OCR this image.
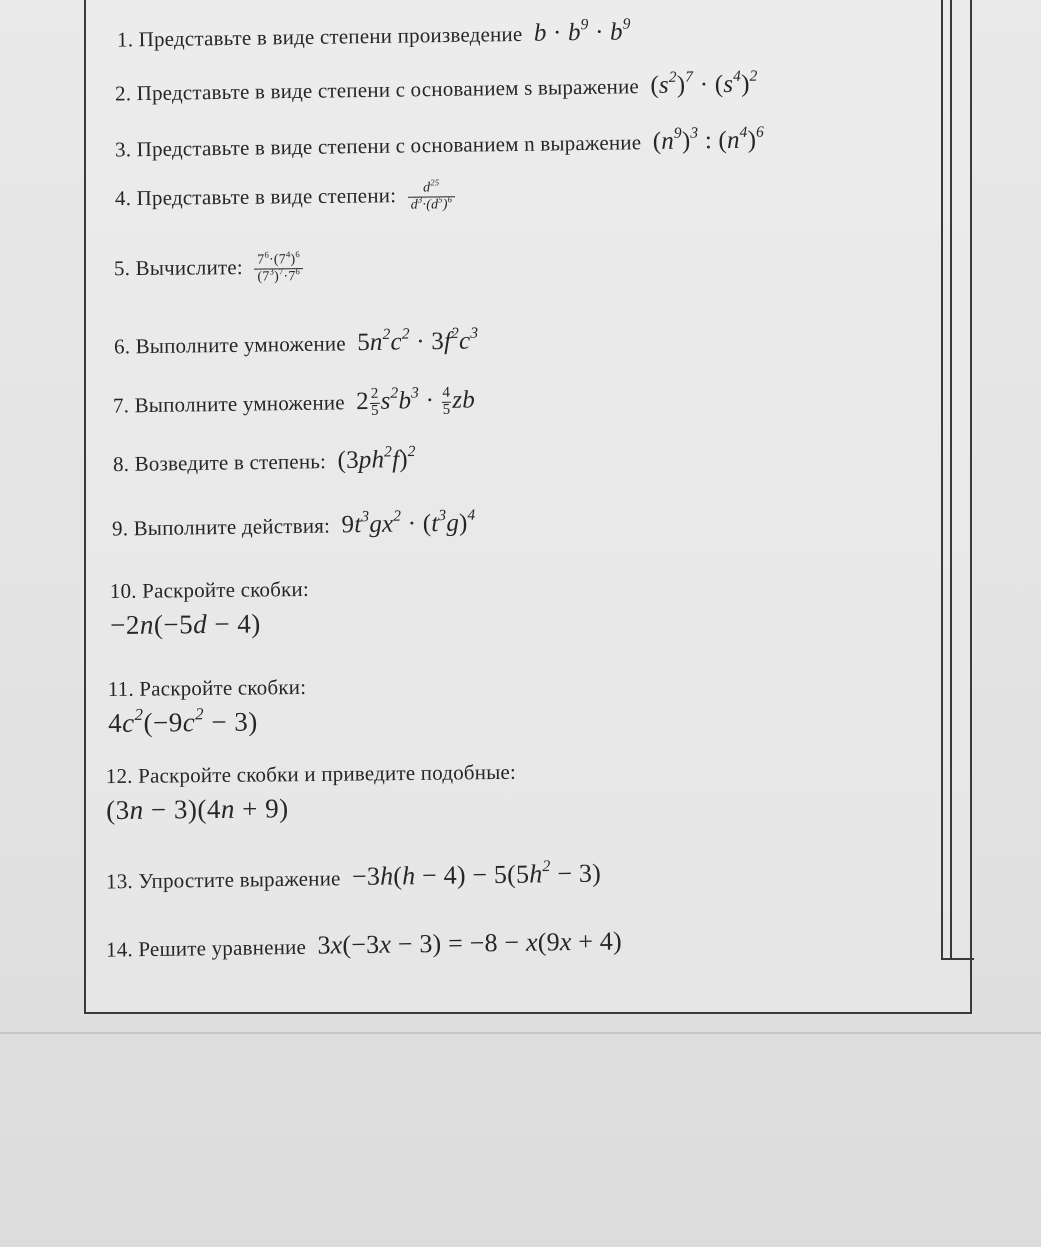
1. Представьте в виде степени произведение $b \cdot b^9 \cdot b^9$
2. Представьте в виде степени с основанием s выражение $(s^2)^7 \cdot (s^4)^2$
3. Представьте в виде степени с основанием n выражение $(n^9)^3$ : $(n^4)^6$
4. Представьте в виде степени: $\frac{d^{25}}{d^3\cdot(d^5)^6}$
5. Вычислите: $\frac{7^6\cdot(7^4)^6}{(7^3)^7\cdot 7^6}$
6. Выполните умножение $5n^2c^2 \cdot 3f^2c^3$
7. Выполните умножение $2 \frac{2}{5} s^2b^3 \cdot \frac{4}{5}$ zb
8. Возведите в степень: $(3ph^2f)^2$
9. Выполните действия: $9t^3gx^2 \cdot (t^3g)^4$
10. Раскройте скобки:
−2n(−5d − 4)
11. Раскройте скобки:
$4c^2(-9c^2 - 3)$
12. Раскройте скобки и приведите подобные:
(3n − 3)(4n + 9)
13. Упростите выражение $-3h(h - 4) - 5(5h^2 - 3)$
14. Решите уравнение 3x(−3x − 3) = −8 − x(9x + 4)
